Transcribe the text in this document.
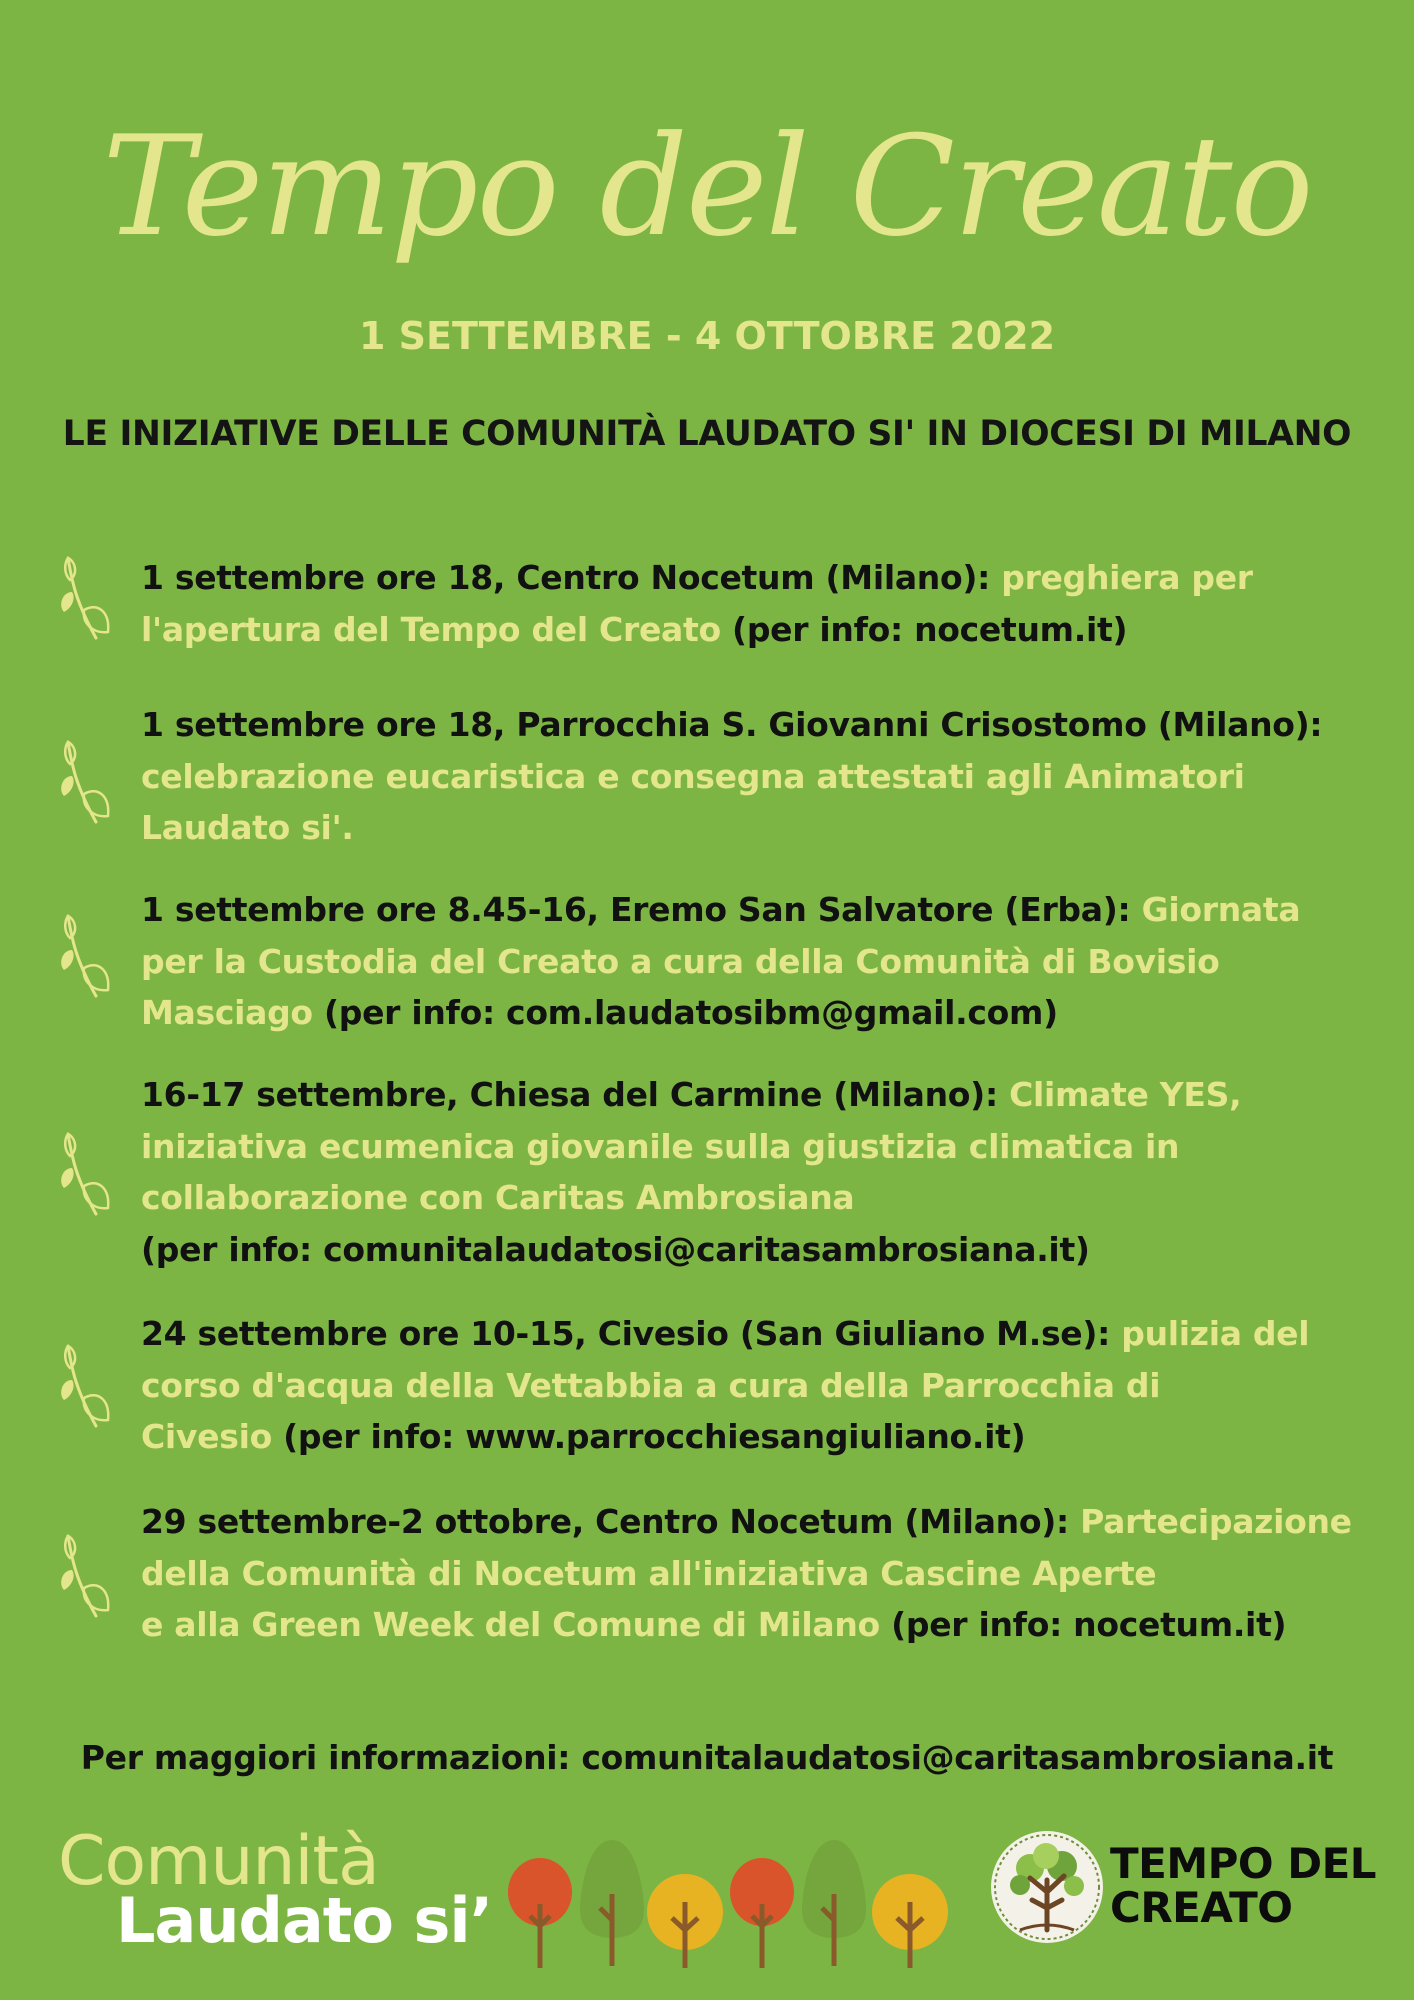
Tempo del Creato
1 SETTEMBRE - 4 OTTOBRE 2022
LE INIZIATIVE DELLE COMUNITÀ LAUDATO SI' IN DIOCESI DI MILANO
1 settembre ore 18, Centro Nocetum (Milano): preghiera per
l'apertura del Tempo del Creato (per info: nocetum.it)
1 settembre ore 18, Parrocchia S. Giovanni Crisostomo (Milano):
celebrazione eucaristica e consegna attestati agli Animatori
Laudato si'.
1 settembre ore 8.45-16, Eremo San Salvatore (Erba): Giornata
per la Custodia del Creato a cura della Comunità di Bovisio
Masciago (per info: com.laudatosibm@gmail.com)
16-17 settembre, Chiesa del Carmine (Milano): Climate YES,
iniziativa ecumenica giovanile sulla giustizia climatica in
collaborazione con Caritas Ambrosiana
(per info: comunitalaudatosi@caritasambrosiana.it)
24 settembre ore 10-15, Civesio (San Giuliano M.se): pulizia del
corso d'acqua della Vettabbia a cura della Parrocchia di
Civesio (per info: www.parrocchiesangiuliano.it)
29 settembre-2 ottobre, Centro Nocetum (Milano): Partecipazione
della Comunità di Nocetum all'iniziativa Cascine Aperte
e alla Green Week del Comune di Milano (per info: nocetum.it)
Per maggiori informazioni: comunitalaudatosi@caritasambrosiana.it
Comunità
Laudato si’
TEMPO DEL
CREATO
